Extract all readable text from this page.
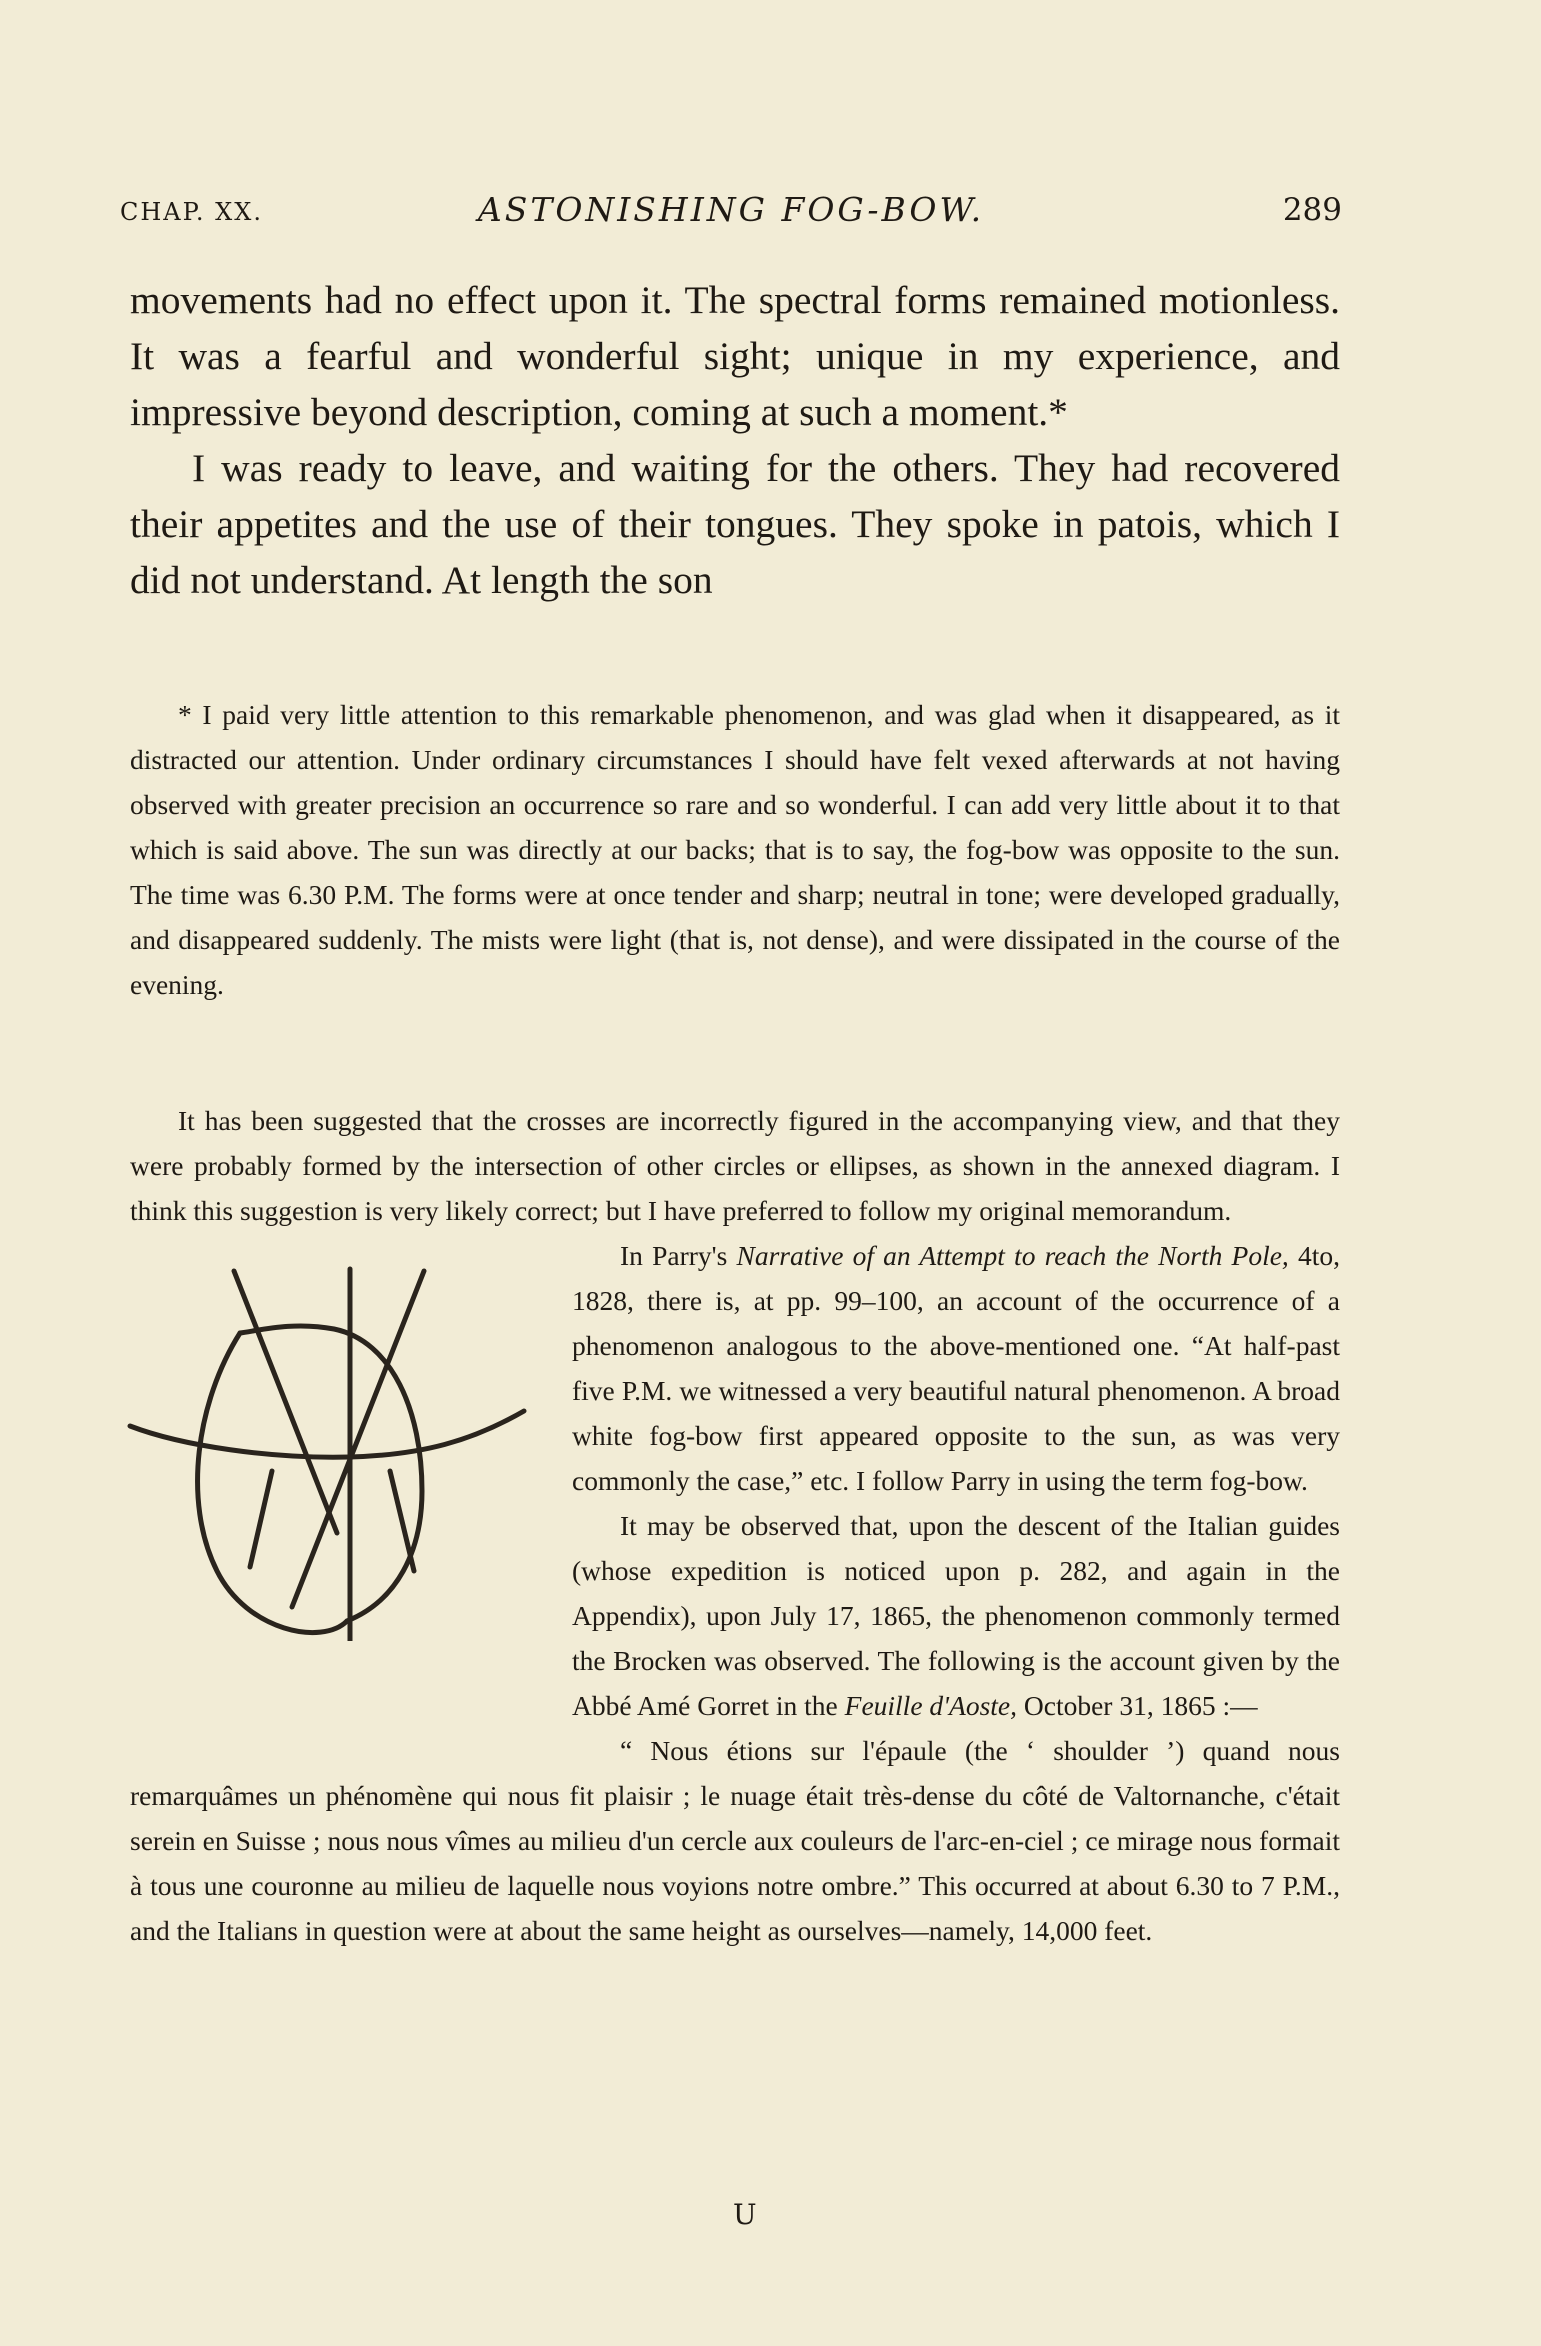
CHAP. XX.	ASTONISHING FOG-BOW.	289

movements had no effect upon it. The spectral forms remained motionless. It was a fearful and wonderful sight; unique in my experience, and impressive beyond description, coming at such a moment.*

I was ready to leave, and waiting for the others. They had recovered their appetites and the use of their tongues. They spoke in patois, which I did not understand. At length the son

* I paid very little attention to this remarkable phenomenon, and was glad when it disappeared, as it distracted our attention. Under ordinary circumstances I should have felt vexed afterwards at not having observed with greater precision an occurrence so rare and so wonderful. I can add very little about it to that which is said above. The sun was directly at our backs; that is to say, the fog-bow was opposite to the sun. The time was 6.30 P.M. The forms were at once tender and sharp; neutral in tone; were developed gradually, and disappeared suddenly. The mists were light (that is, not dense), and were dissipated in the course of the evening.

It has been suggested that the crosses are incorrectly figured in the accompanying view, and that they were probably formed by the intersection of other circles or ellipses, as shown in the annexed diagram. I think this suggestion is very likely correct; but I have preferred to follow my original memorandum.

In Parry's Narrative of an Attempt to reach the North Pole, 4to, 1828, there is, at pp. 99–100, an account of the occurrence of a phenomenon analogous to the above-mentioned one. “At half-past five P.M. we witnessed a very beautiful natural phenomenon. A broad white fog-bow first appeared opposite to the sun, as was very commonly the case,” etc. I follow Parry in using the term fog-bow.

It may be observed that, upon the descent of the Italian guides (whose expedition is noticed upon p. 282, and again in the Appendix), upon July 17, 1865, the phenomenon commonly termed the Brocken was observed. The following is the account given by the Abbé Amé Gorret in the Feuille d'Aoste, October 31, 1865 :—

“ Nous étions sur l'épaule (the ‘ shoulder ’) quand nous remarquâmes un phénomène qui nous fit plaisir ; le nuage était très-dense du côté de Valtornanche, c'était serein en Suisse ; nous nous vîmes au milieu d'un cercle aux couleurs de l'arc-en-ciel ; ce mirage nous formait à tous une couronne au milieu de laquelle nous voyions notre ombre.” This occurred at about 6.30 to 7 P.M., and the Italians in question were at about the same height as ourselves—namely, 14,000 feet.

U
